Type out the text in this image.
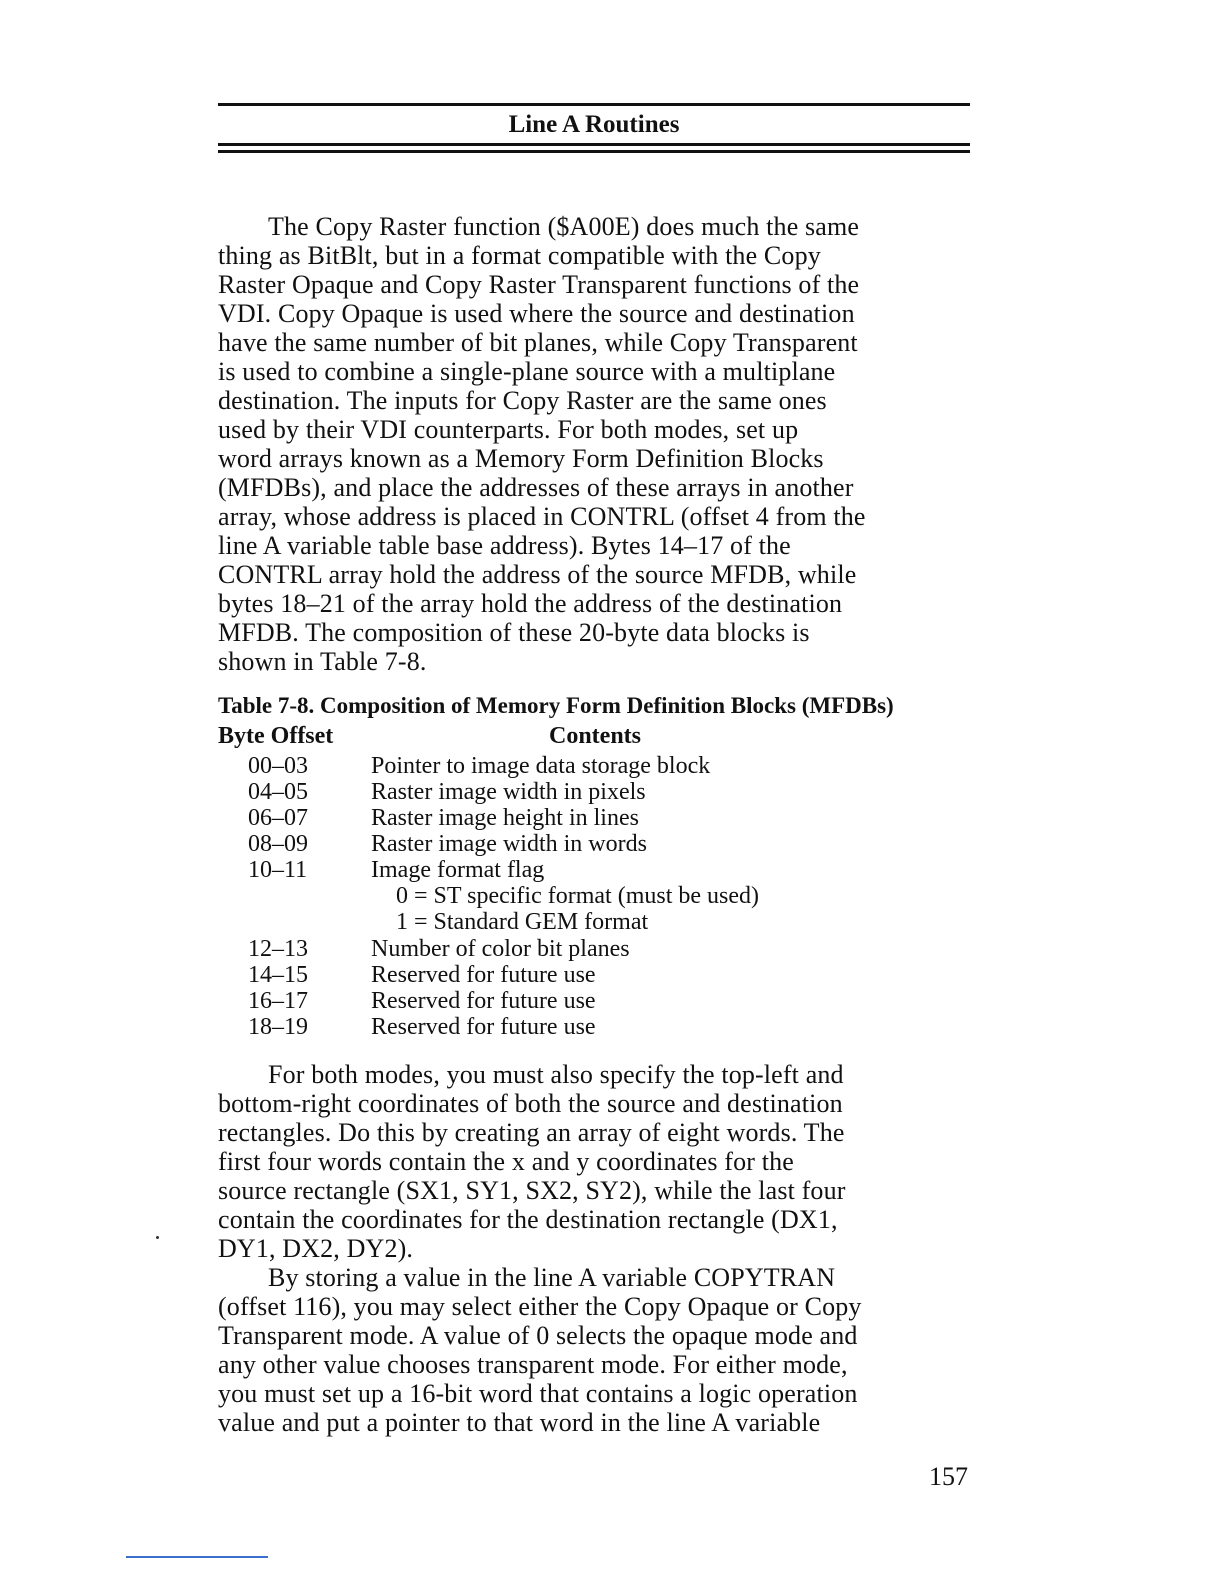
Line A Routines

The Copy Raster function ($A00E) does much the same
thing as BitBlt, but in a format compatible with the Copy
Raster Opaque and Copy Raster Transparent functions of the
VDI. Copy Opaque is used where the source and destination
have the same number of bit planes, while Copy Transparent
is used to combine a single-plane source with a multiplane
destination. The inputs for Copy Raster are the same ones
used by their VDI counterparts. For both modes, set up
word arrays known as a Memory Form Definition Blocks
(MFDBs), and place the addresses of these arrays in another
array, whose address is placed in CONTRL (offset 4 from the
line A variable table base address). Bytes 14–17 of the
CONTRL array hold the address of the source MFDB, while
bytes 18–21 of the array hold the address of the destination
MFDB. The composition of these 20-byte data blocks is
shown in Table 7-8.

Table 7-8. Composition of Memory Form Definition Blocks (MFDBs)
Byte Offset	Contents
00–03	Pointer to image data storage block
04–05	Raster image width in pixels
06–07	Raster image height in lines
08–09	Raster image width in words
10–11	Image format flag
0 = ST specific format (must be used)
1 = Standard GEM format
12–13	Number of color bit planes
14–15	Reserved for future use
16–17	Reserved for future use
18–19	Reserved for future use

For both modes, you must also specify the top-left and
bottom-right coordinates of both the source and destination
rectangles. Do this by creating an array of eight words. The
first four words contain the x and y coordinates for the
source rectangle (SX1, SY1, SX2, SY2), while the last four
contain the coordinates for the destination rectangle (DX1,
DY1, DX2, DY2).

By storing a value in the line A variable COPYTRAN
(offset 116), you may select either the Copy Opaque or Copy
Transparent mode. A value of 0 selects the opaque mode and
any other value chooses transparent mode. For either mode,
you must set up a 16-bit word that contains a logic operation
value and put a pointer to that word in the line A variable

157
